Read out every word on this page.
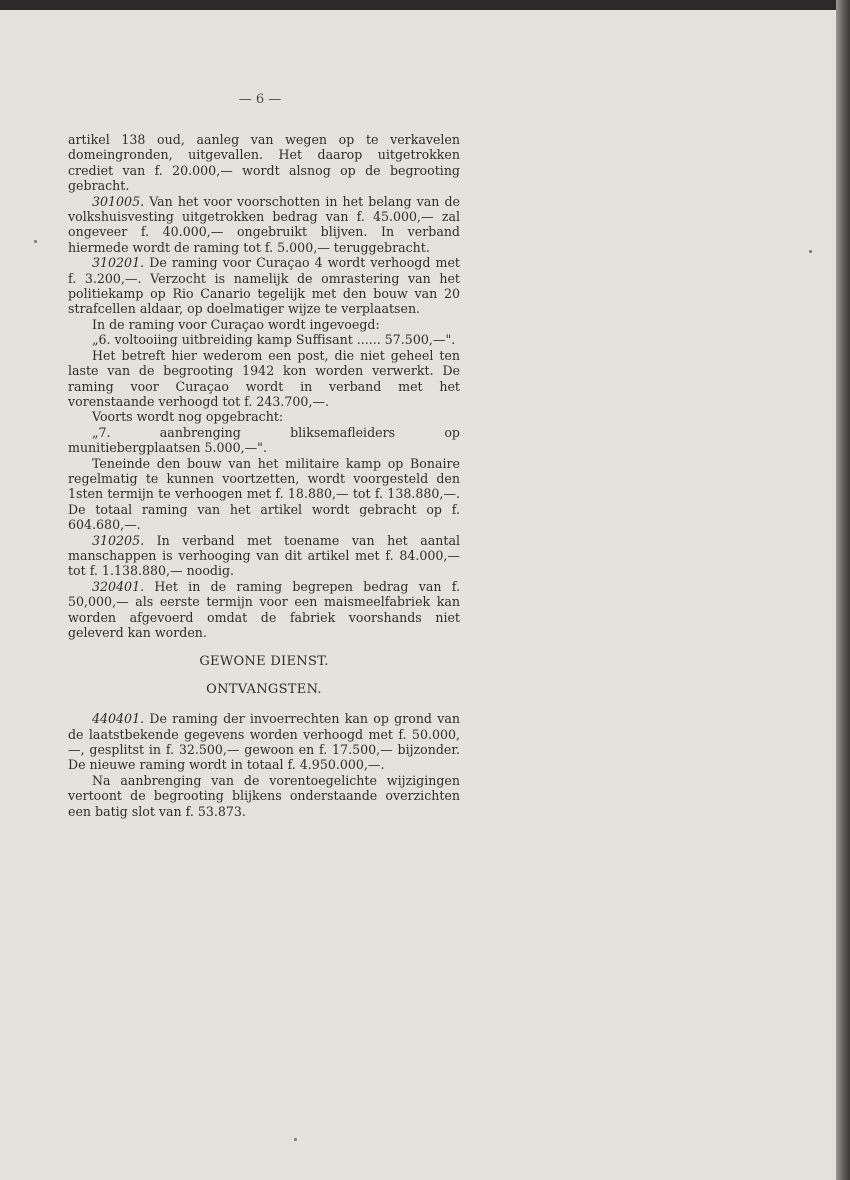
— 6 —

artikel 138 oud, aanleg van wegen op te verkavelen domeingronden, uitgevallen. Het daarop uitgetrokken crediet van f. 20.000,— wordt alsnog op de begrooting gebracht.

301005. Van het voor voorschotten in het belang van de volkshuisvesting uitgetrokken bedrag van f. 45.000,— zal ongeveer f. 40.000,— ongebruikt blijven. In verband hiermede wordt de raming tot f. 5.000,— teruggebracht.

310201. De raming voor Curaçao 4 wordt verhoogd met f. 3.200,—. Verzocht is namelijk de omrastering van het politiekamp op Rio Canario tegelijk met den bouw van 20 strafcellen aldaar, op doelmatiger wijze te verplaatsen.

In de raming voor Curaçao wordt ingevoegd:

„6. voltooiing uitbreiding kamp Suffisant ...... 57.500,—".

Het betreft hier wederom een post, die niet geheel ten laste van de begrooting 1942 kon worden verwerkt. De raming voor Curaçao wordt in verband met het vorenstaande verhoogd tot f. 243.700,—.

Voorts wordt nog opgebracht:

„7. aanbrenging bliksemafleiders op munitiebergplaatsen 5.000,—".

Teneinde den bouw van het militaire kamp op Bonaire regelmatig te kunnen voortzetten, wordt voorgesteld den 1sten termijn te verhoogen met f. 18.880,— tot f. 138.880,—. De totaal raming van het artikel wordt gebracht op f. 604.680,—.

310205. In verband met toename van het aantal manschappen is verhooging van dit artikel met f. 84.000,— tot f. 1.138.880,— noodig.

320401. Het in de raming begrepen bedrag van f. 50,000,— als eerste termijn voor een maismeelfabriek kan worden afgevoerd omdat de fabriek voorshands niet geleverd kan worden.

GEWONE DIENST.

ONTVANGSTEN.

440401. De raming der invoerrechten kan op grond van de laatstbekende gegevens worden verhoogd met f. 50.000,—, gesplitst in f. 32.500,— gewoon en f. 17.500,— bijzonder. De nieuwe raming wordt in totaal f. 4.950.000,—.

Na aanbrenging van de vorentoegelichte wijzigingen vertoont de begrooting blijkens onderstaande overzichten een batig slot van f. 53.873.
